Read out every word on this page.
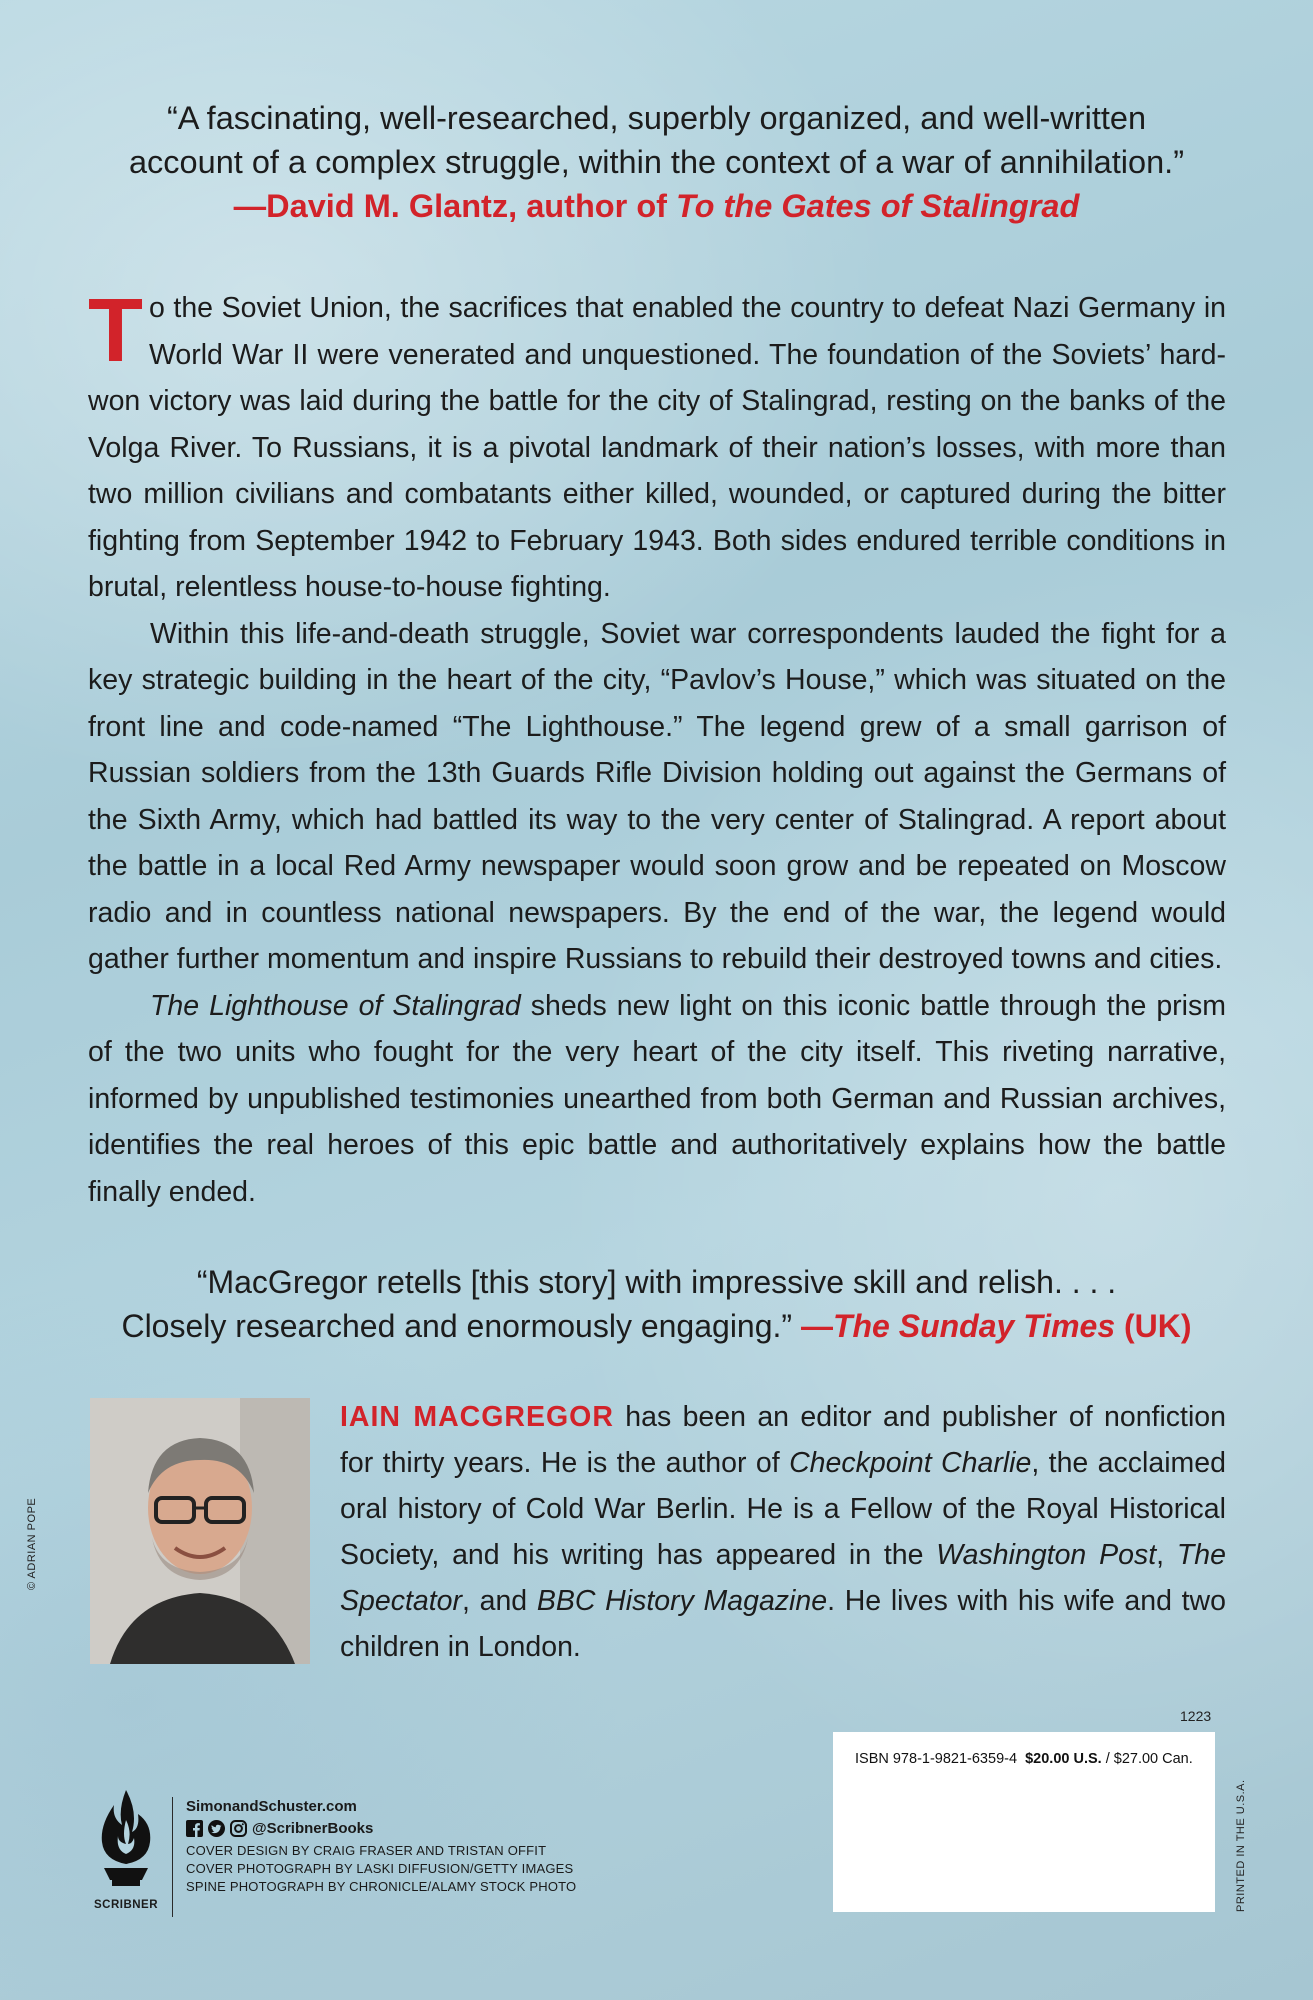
“A fascinating, well-researched, superbly organized, and well-written
account of a complex struggle, within the context of a war of annihilation.”
—David M. Glantz, author of To the Gates of Stalingrad

To the Soviet Union, the sacrifices that enabled the country to defeat Nazi Germany in World War II were venerated and unquestioned. The foundation of the Soviets’ hard-won victory was laid during the battle for the city of Stalingrad, resting on the banks of the Volga River. To Russians, it is a pivotal landmark of their nation’s losses, with more than two million civilians and combatants either killed, wounded, or captured during the bitter fighting from September 1942 to February 1943. Both sides endured terrible conditions in brutal, relentless house-to-house fighting.

Within this life-and-death struggle, Soviet war correspondents lauded the fight for a key strategic building in the heart of the city, “Pavlov’s House,” which was situated on the front line and code-named “The Lighthouse.” The legend grew of a small garrison of Russian soldiers from the 13th Guards Rifle Division holding out against the Germans of the Sixth Army, which had battled its way to the very center of Stalingrad. A report about the battle in a local Red Army newspaper would soon grow and be repeated on Moscow radio and in countless national newspapers. By the end of the war, the legend would gather further momentum and inspire Russians to rebuild their destroyed towns and cities.

The Lighthouse of Stalingrad sheds new light on this iconic battle through the prism of the two units who fought for the very heart of the city itself. This riveting narrative, informed by unpublished testimonies unearthed from both German and Russian archives, identifies the real heroes of this epic battle and authoritatively explains how the battle finally ended.

“MacGregor retells [this story] with impressive skill and relish. . . .
Closely researched and enormously engaging.” —The Sunday Times (UK)
© ADRIAN POPE

IAIN MACGREGOR has been an editor and publisher of nonfiction for thirty years. He is the author of Checkpoint Charlie, the acclaimed oral history of Cold War Berlin. He is a Fellow of the Royal Historical Society, and his writing has appeared in the Washington Post, The Spectator, and BBC History Magazine. He lives with his wife and two children in London.

1223
ISBN 978-1-9821-6359-4 $20.00 U.S. / $27.00 Can.
PRINTED IN THE U.S.A.
SCRIBNER
SimonandSchuster.com
@ScribnerBooks
COVER DESIGN BY CRAIG FRASER AND TRISTAN OFFIT
COVER PHOTOGRAPH BY LASKI DIFFUSION/GETTY IMAGES
SPINE PHOTOGRAPH BY CHRONICLE/ALAMY STOCK PHOTO
